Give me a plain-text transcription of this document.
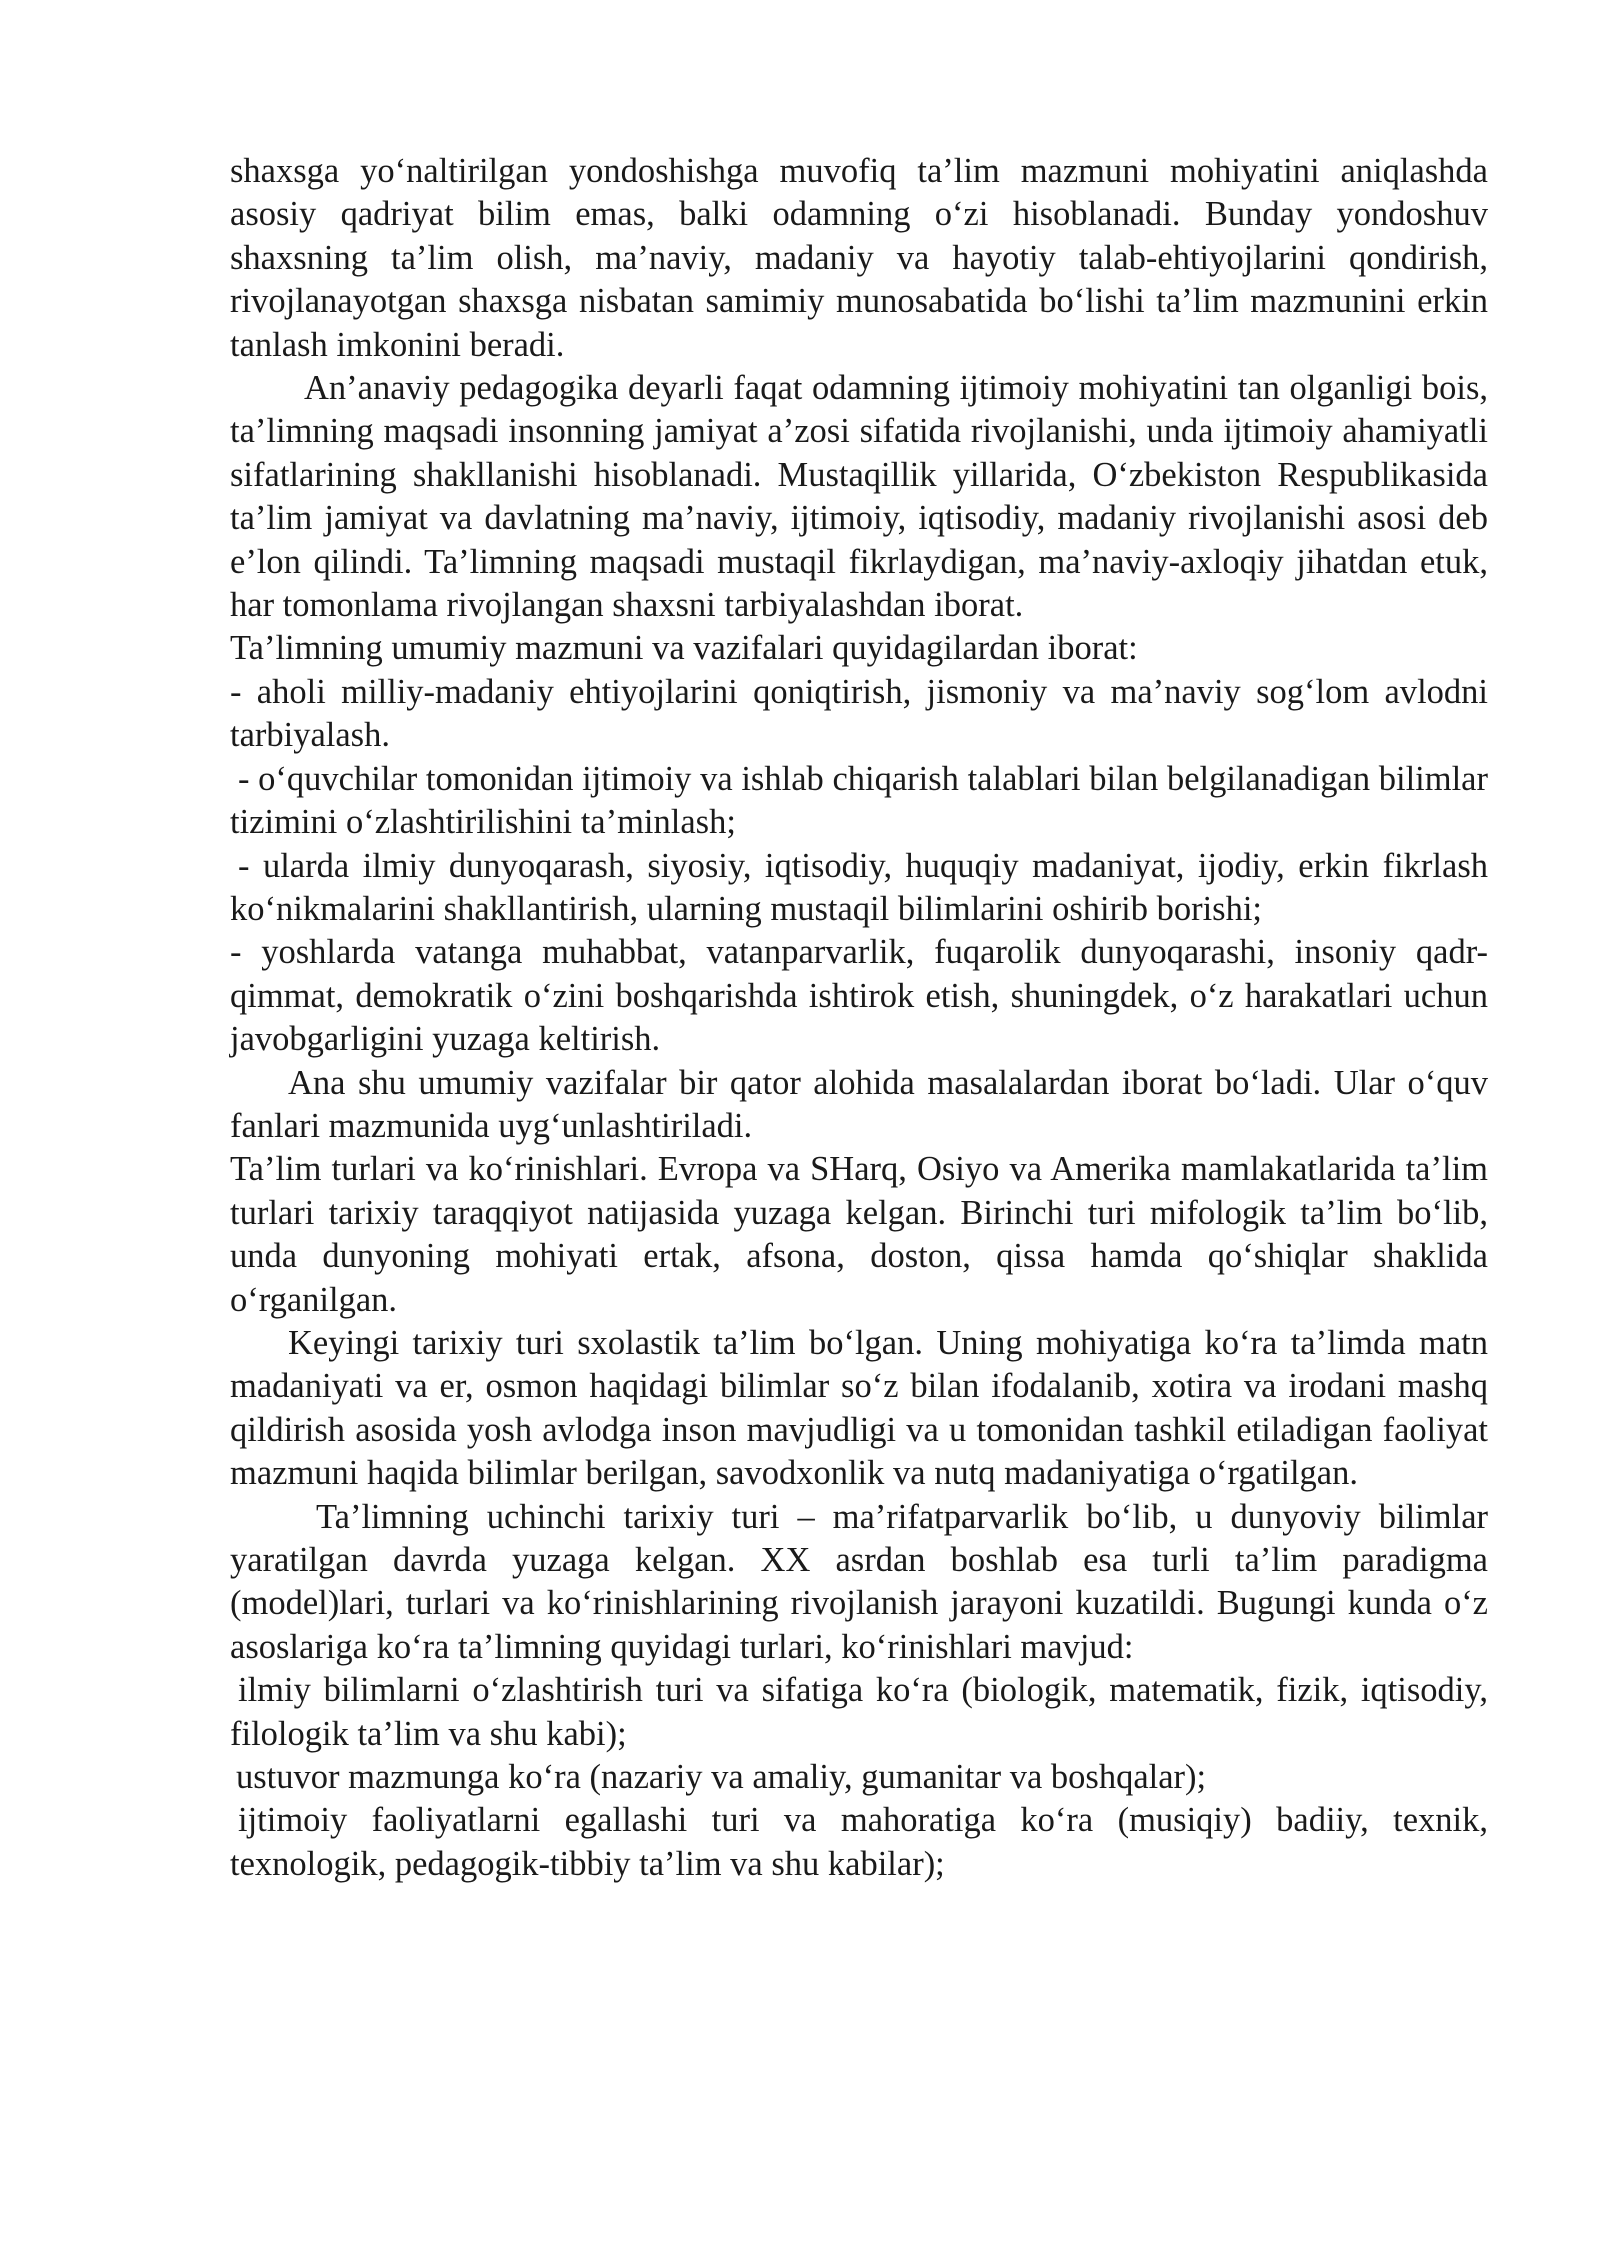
shaxsga yo‘naltirilgan yondoshishga muvofiq ta’lim mazmuni mohiyatini aniqlashda asosiy qadriyat bilim emas, balki odamning o‘zi hisoblanadi. Bunday yondoshuv shaxsning ta’lim olish, ma’naviy, madaniy va hayotiy talab-ehtiyojlarini qondirish, rivojlanayotgan shaxsga nisbatan samimiy munosabatida bo‘lishi ta’lim mazmunini erkin tanlash imkonini beradi.

An’anaviy pedagogika deyarli faqat odamning ijtimoiy mohiyatini tan olganligi bois, ta’limning maqsadi insonning jamiyat a’zosi sifatida rivojlanishi, unda ijtimoiy ahamiyatli sifatlarining shakllanishi hisoblanadi. Mustaqillik yillarida, O‘zbekiston Respublikasida ta’lim jamiyat va davlatning ma’naviy, ijtimoiy, iqtisodiy, madaniy rivojlanishi asosi deb e’lon qilindi. Ta’limning maqsadi mustaqil fikrlaydigan, ma’naviy-axloqiy jihatdan etuk, har tomonlama rivojlangan shaxsni tarbiyalashdan iborat.

Ta’limning umumiy mazmuni va vazifalari quyidagilardan iborat:

- aholi milliy-madaniy ehtiyojlarini qoniqtirish, jismoniy va ma’naviy sog‘lom avlodni tarbiyalash.

- o‘quvchilar tomonidan ijtimoiy va ishlab chiqarish talablari bilan belgilanadigan bilimlar tizimini o‘zlashtirilishini ta’minlash;

- ularda ilmiy dunyoqarash, siyosiy, iqtisodiy, huquqiy madaniyat, ijodiy, erkin fikrlash ko‘nikmalarini shakllantirish, ularning mustaqil bilimlarini oshirib borishi;

- yoshlarda vatanga muhabbat, vatanparvarlik, fuqarolik dunyoqarashi, insoniy qadr-qimmat, demokratik o‘zini boshqarishda ishtirok etish, shuningdek, o‘z harakatlari uchun javobgarligini yuzaga keltirish.

Ana shu umumiy vazifalar bir qator alohida masalalardan iborat bo‘ladi. Ular o‘quv fanlari mazmunida uyg‘unlashtiriladi.

Ta’lim turlari va ko‘rinishlari. Evropa va SHarq, Osiyo va Amerika mamlakatlarida ta’lim turlari tarixiy taraqqiyot natijasida yuzaga kelgan. Birinchi turi mifologik ta’lim bo‘lib, unda dunyoning mohiyati ertak, afsona, doston, qissa hamda qo‘shiqlar shaklida o‘rganilgan.

Keyingi tarixiy turi sxolastik ta’lim bo‘lgan. Uning mohiyatiga ko‘ra ta’limda matn madaniyati va er, osmon haqidagi bilimlar so‘z bilan ifodalanib, xotira va irodani mashq qildirish asosida yosh avlodga inson mavjudligi va u tomonidan tashkil etiladigan faoliyat mazmuni haqida bilimlar berilgan, savodxonlik va nutq madaniyatiga o‘rgatilgan.

Ta’limning uchinchi tarixiy turi – ma’rifatparvarlik bo‘lib, u dunyoviy bilimlar yaratilgan davrda yuzaga kelgan. XX asrdan boshlab esa turli ta’lim paradigma (model)lari, turlari va ko‘rinishlarining rivojlanish jarayoni kuzatildi. Bugungi kunda o‘z asoslariga ko‘ra ta’limning quyidagi turlari, ko‘rinishlari mavjud:

ilmiy bilimlarni o‘zlashtirish turi va sifatiga ko‘ra (biologik, matematik, fizik, iqtisodiy, filologik ta’lim va shu kabi);

ustuvor mazmunga ko‘ra (nazariy va amaliy, gumanitar va boshqalar);

ijtimoiy faoliyatlarni egallashi turi va mahoratiga ko‘ra (musiqiy) badiiy, texnik, texnologik, pedagogik-tibbiy ta’lim va shu kabilar);
